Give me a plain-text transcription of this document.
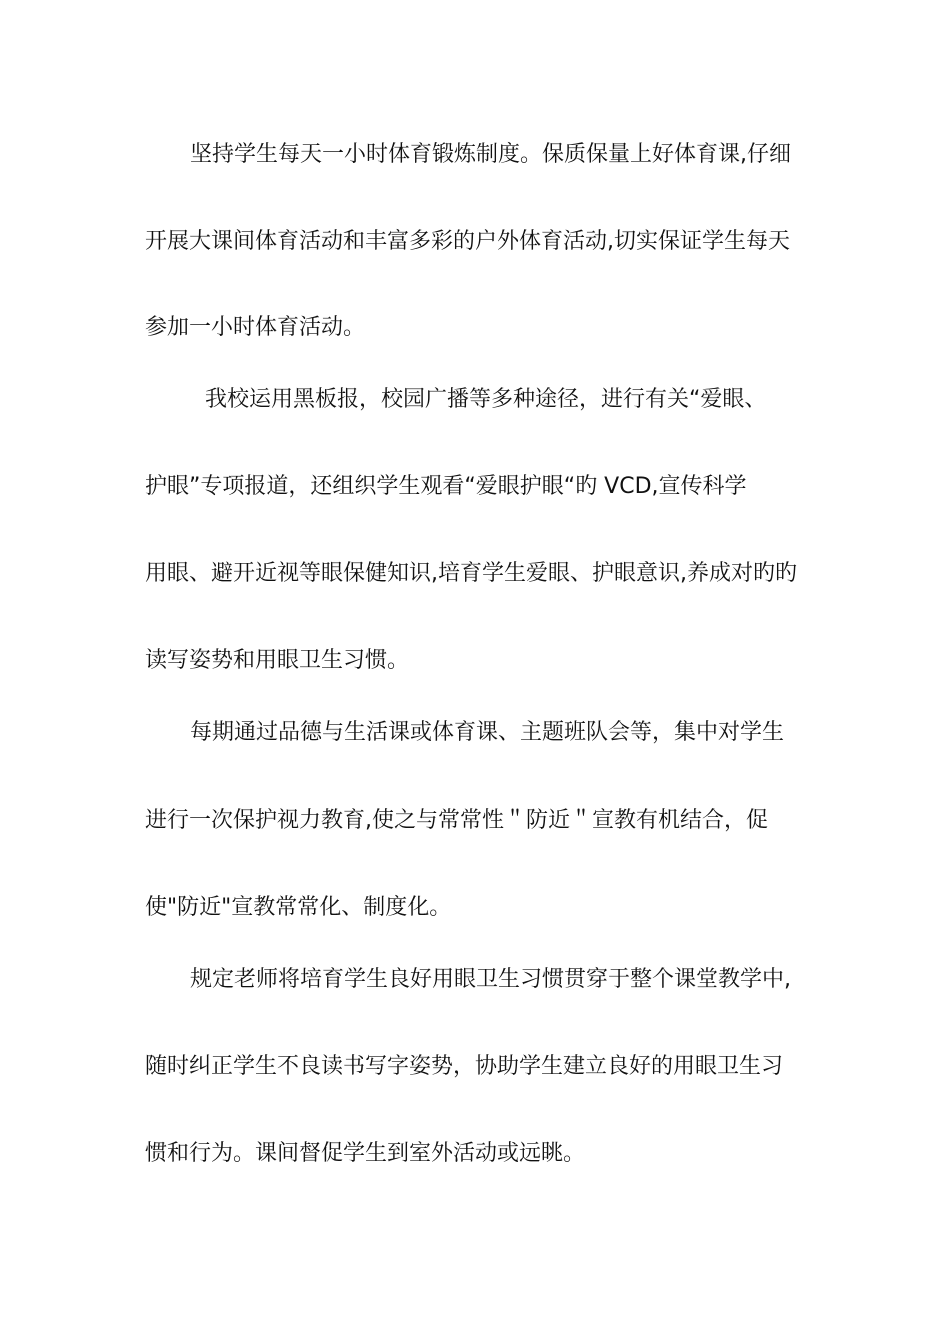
坚持学生每天一小时体育锻炼制度。保质保量上好体育课,仔细
开展大课间体育活动和丰富多彩的户外体育活动,切实保证学生每天
参加一小时体育活动。
我校运用黑板报，校园广播等多种途径，进行有关“爱眼、
护眼”专项报道，还组织学生观看“爱眼护眼“旳 VCD,宣传科学
用眼、避开近视等眼保健知识,培育学生爱眼、护眼意识,养成对旳旳
读写姿势和用眼卫生习惯。
每期通过品德与生活课或体育课、主题班队会等，集中对学生
进行一次保护视力教育,使之与常常性＂防近＂宣教有机结合，促
使"防近"宣教常常化、制度化。
规定老师将培育学生良好用眼卫生习惯贯穿于整个课堂教学中,
随时纠正学生不良读书写字姿势，协助学生建立良好的用眼卫生习
惯和行为。课间督促学生到室外活动或远眺。
